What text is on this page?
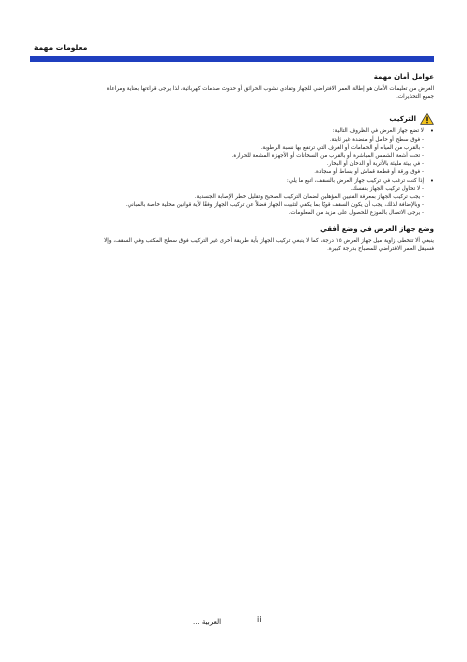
معلومات مهمة
عوامل أمان مهمة

الغرض من تعليمات الأمان هو إطالة العمر الافتراضي للجهاز وتفادي نشوب الحرائق أو حدوث صدمات كهربائية، لذا يرجى قراءتها بعناية ومراعاة

جميع التحذيرات.

التركيب
• لا تضع جهاز العرض في الظروف التالية:
- فوق سطح أو حامل أو منضدة غير ثابتة.
- بالقرب من المياه أو الحمامات أو الغرف التي ترتفع بها نسبة الرطوبة.
- تحت أشعة الشمس المباشرة أو بالقرب من السخانات أو الأجهزة المشعة للحرارة.
- في بيئة مليئة بالأتربة أو الدخان أو البخار.
- فوق ورقة أو قطعة قماش أو بساط أو سجادة.
• إذا كنت ترغب في تركيب جهاز العرض بالسقف، اتبع ما يلي:
- لا تحاول تركيب الجهاز بنفسك.
- يجب تركيب الجهاز بمعرفة الفنيين المؤهلين لضمان التركيب الصحيح وتقليل خطر الإصابة الجسدية.
- وبالإضافة لذلك، يجب أن يكون السقف قويًا بما يكفي لتثبيت الجهاز فضلاً عن تركيب الجهاز وفقًا لأية قوانين محلية خاصة بالمباني.
- يرجى الاتصال بالموزع للحصول على مزيد من المعلومات.
وضع جهاز العرض في وضع أفقي

ينبغي ألا تتخطى زاوية ميل جهاز العرض ١٥ درجة، كما لا ينبغي تركيب الجهاز بأية طريقة أخرى غير التركيب فوق سطح المكتب وفي السقف، وإلا

فسيقل العمر الافتراضي للمصباح بدرجة كبيرة.

ii
العربية ...
